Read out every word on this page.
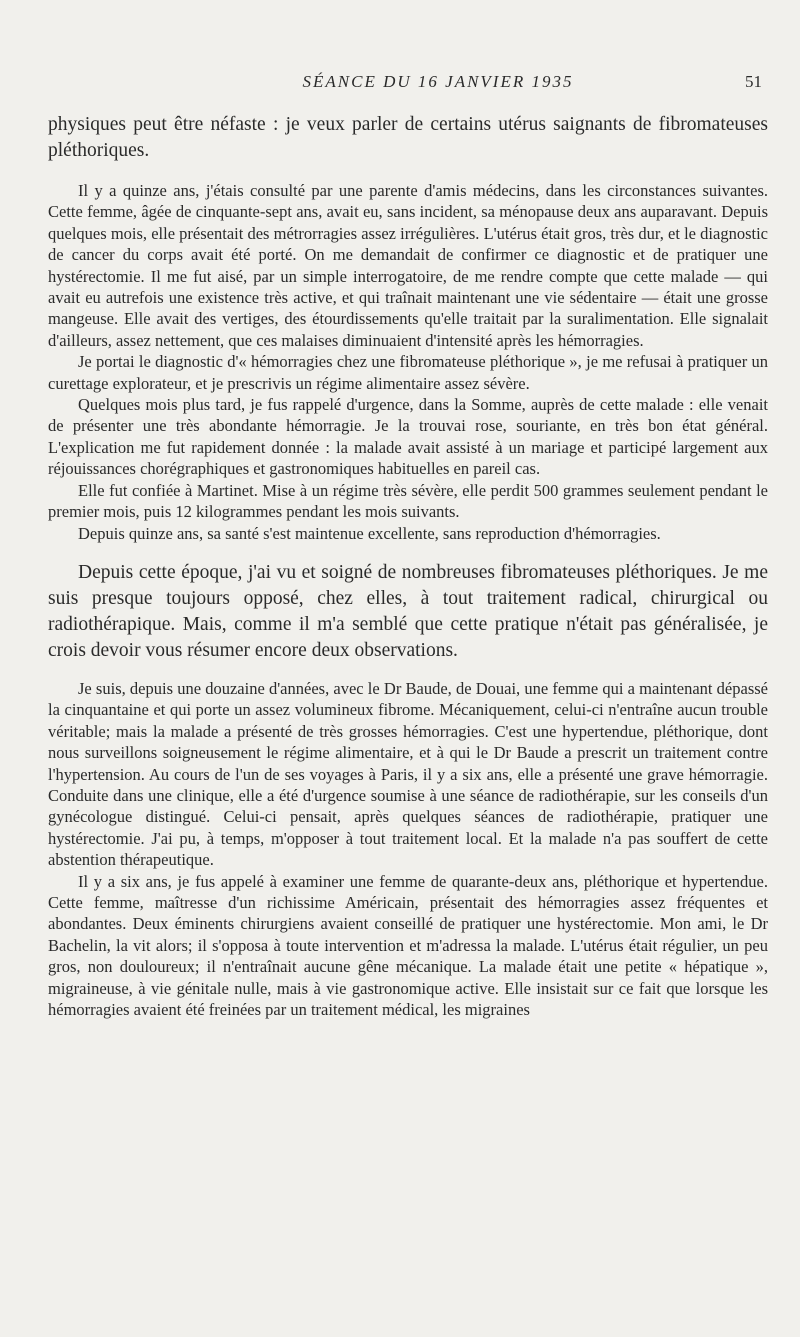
SÉANCE DU 16 JANVIER 1935	51

physiques peut être néfaste : je veux parler de certains utérus saignants de fibromateuses pléthoriques.

Il y a quinze ans, j'étais consulté par une parente d'amis médecins, dans les circonstances suivantes. Cette femme, âgée de cinquante-sept ans, avait eu, sans incident, sa ménopause deux ans auparavant. Depuis quelques mois, elle présentait des métrorragies assez irrégulières. L'utérus était gros, très dur, et le diagnostic de cancer du corps avait été porté. On me demandait de confirmer ce diagnostic et de pratiquer une hystérectomie. Il me fut aisé, par un simple interrogatoire, de me rendre compte que cette malade — qui avait eu autrefois une existence très active, et qui traînait maintenant une vie sédentaire — était une grosse mangeuse. Elle avait des vertiges, des étourdissements qu'elle traitait par la suralimentation. Elle signalait d'ailleurs, assez nettement, que ces malaises diminuaient d'intensité après les hémorragies.

Je portai le diagnostic d'« hémorragies chez une fibromateuse pléthorique », je me refusai à pratiquer un curettage explorateur, et je prescrivis un régime alimentaire assez sévère.

Quelques mois plus tard, je fus rappelé d'urgence, dans la Somme, auprès de cette malade : elle venait de présenter une très abondante hémorragie. Je la trouvai rose, souriante, en très bon état général. L'explication me fut rapidement donnée : la malade avait assisté à un mariage et participé largement aux réjouissances chorégraphiques et gastronomiques habituelles en pareil cas.

Elle fut confiée à Martinet. Mise à un régime très sévère, elle perdit 500 grammes seulement pendant le premier mois, puis 12 kilogrammes pendant les mois suivants.

Depuis quinze ans, sa santé s'est maintenue excellente, sans reproduction d'hémorragies.

Depuis cette époque, j'ai vu et soigné de nombreuses fibromateuses pléthoriques. Je me suis presque toujours opposé, chez elles, à tout traitement radical, chirurgical ou radiothérapique. Mais, comme il m'a semblé que cette pratique n'était pas généralisée, je crois devoir vous résumer encore deux observations.

Je suis, depuis une douzaine d'années, avec le Dr Baude, de Douai, une femme qui a maintenant dépassé la cinquantaine et qui porte un assez volumineux fibrome. Mécaniquement, celui-ci n'entraîne aucun trouble véritable; mais la malade a présenté de très grosses hémorragies. C'est une hypertendue, pléthorique, dont nous surveillons soigneusement le régime alimentaire, et à qui le Dr Baude a prescrit un traitement contre l'hypertension. Au cours de l'un de ses voyages à Paris, il y a six ans, elle a présenté une grave hémorragie. Conduite dans une clinique, elle a été d'urgence soumise à une séance de radiothérapie, sur les conseils d'un gynécologue distingué. Celui-ci pensait, après quelques séances de radiothérapie, pratiquer une hystérectomie. J'ai pu, à temps, m'opposer à tout traitement local. Et la malade n'a pas souffert de cette abstention thérapeutique.

Il y a six ans, je fus appelé à examiner une femme de quarante-deux ans, pléthorique et hypertendue. Cette femme, maîtresse d'un richissime Américain, présentait des hémorragies assez fréquentes et abondantes. Deux éminents chirurgiens avaient conseillé de pratiquer une hystérectomie. Mon ami, le Dr Bachelin, la vit alors; il s'opposa à toute intervention et m'adressa la malade. L'utérus était régulier, un peu gros, non douloureux; il n'entraînait aucune gêne mécanique. La malade était une petite « hépatique », migraineuse, à vie génitale nulle, mais à vie gastronomique active. Elle insistait sur ce fait que lorsque les hémorragies avaient été freinées par un traitement médical, les migraines
